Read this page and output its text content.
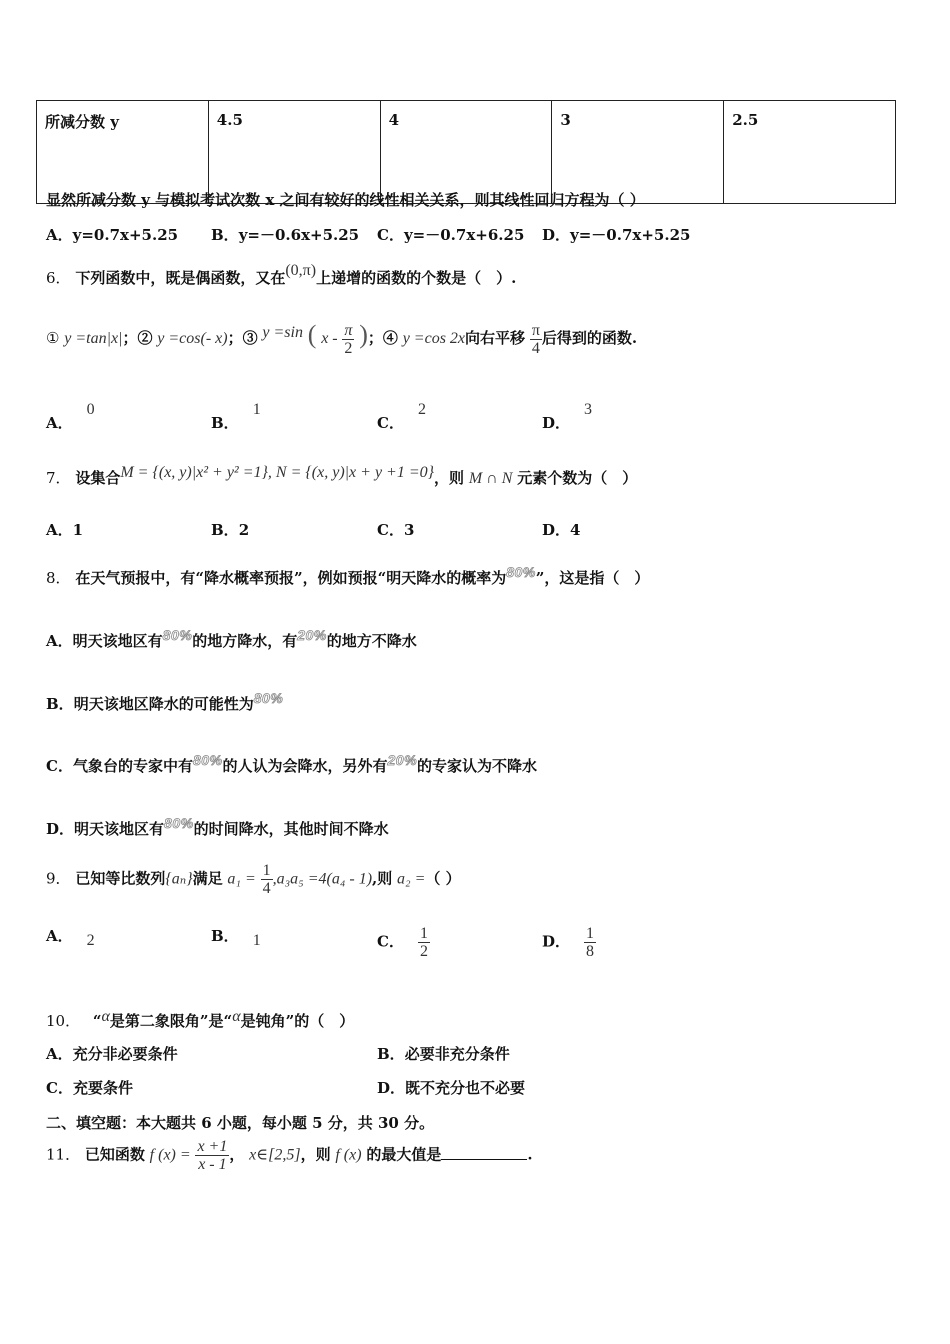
所减分数 y	4.5	4	3	2.5
显然所减分数 y 与模拟考试次数 x 之间有较好的线性相关关系，则其线性回归方程为（ ）
A．y=0.7x+5.25 B．y=－0.6x+5.25 C．y=－0.7x+6.25 D．y=－0.7x+5.25
6． 下列函数中，既是偶函数，又在(0,π)上递增的函数的个数是（　）.
① y =tan|x|；② y =cos(- x)；③ y =sin ( x - $\frac{\pi}{2}$ )；④ y =cos 2x向右平移 $\frac{\pi}{4}$ 后得到的函数.
A．0
B．1
C．2
D．3
7． 设集合M = {(x, y)|x² + y² =1}, N = {(x, y)|x + y +1 =0}，则 M ∩ N 元素个数为（　）
A．1	B．2	C．3	D．4
8． 在天气预报中，有“降水概率预报”，例如预报“明天降水的概率为80%”，这是指（　）
A．明天该地区有80%的地方降水，有20%的地方不降水
B．明天该地区降水的可能性为80%
C．气象台的专家中有80%的人认为会降水，另外有20%的专家认为不降水
D．明天该地区有80%的时间降水，其他时间不降水
9． 已知等比数列{aₙ}满足 $a_1 = \frac{1}{4} ,a_3a_5 =4(a_4 - 1)$,则 a₂ =（ ）
A． 2	B． 1	C． $\frac{1}{2}$	D． $\frac{1}{8}$
10． “α是第二象限角”是“α是钝角”的（　）
A．充分非必要条件	B．必要非充分条件
C．充要条件	D．既不充分也不必要
二、填空题：本大题共 6 小题，每小题 5 分，共 30 分。
11． 已知函数 f $(x) = \frac{x +1}{x - 1}$ ， x∈[2,5]，则 f (x) 的最大值是	.
